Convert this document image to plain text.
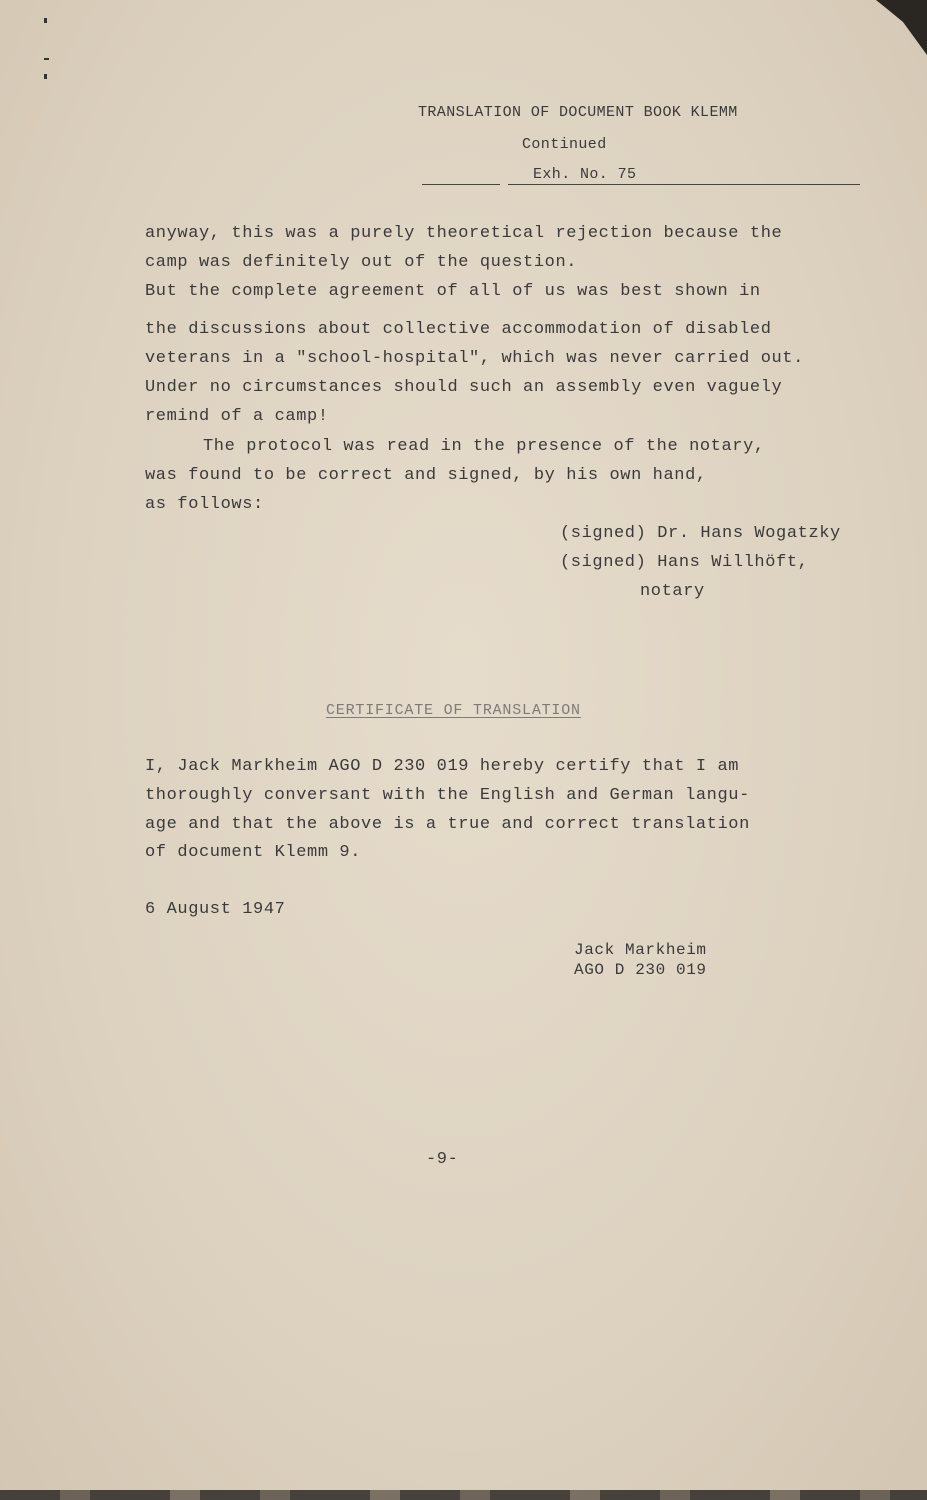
TRANSLATION OF DOCUMENT BOOK KLEMM
Continued
Exh. No. 75
anyway, this was a purely theoretical rejection because the
camp was definitely out of the question.
But the complete agreement of all of us was best shown in
the discussions about collective accommodation of disabled
veterans in a "school-hospital", which was never carried out.
Under no circumstances should such an assembly even vaguely
remind of a camp!
The protocol was read in the presence of the notary,
was found to be correct and signed, by his own hand,
as follows:
(signed) Dr. Hans Wogatzky
(signed) Hans Willhöft,
notary
CERTIFICATE OF TRANSLATION
I, Jack Markheim AGO D 230 019 hereby certify that I am
thoroughly conversant with the English and German langu-
age and that the above is a true and correct translation
of document Klemm 9.
6 August 1947
Jack Markheim
AGO D 230 019
-9-
